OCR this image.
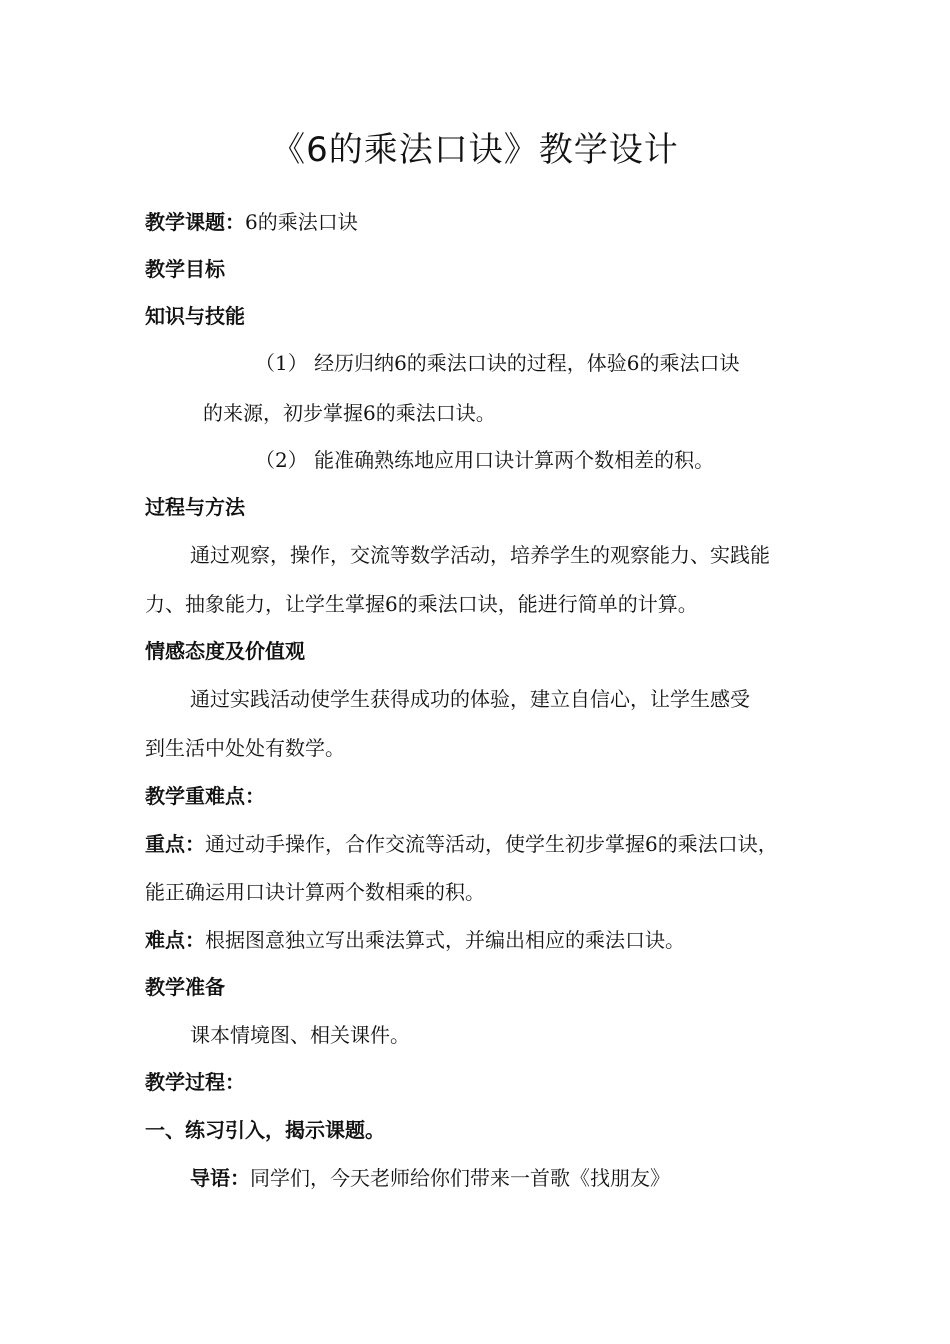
《6的乘法口诀》教学设计
教学课题：6的乘法口诀
教学目标
知识与技能
（1） 经历归纳6的乘法口诀的过程，体验6的乘法口诀
的来源，初步掌握6的乘法口诀。
（2） 能准确熟练地应用口诀计算两个数相差的积。
过程与方法
通过观察，操作，交流等数学活动，培养学生的观察能力、实践能
力、抽象能力，让学生掌握6的乘法口诀，能进行简单的计算。
情感态度及价值观
通过实践活动使学生获得成功的体验，建立自信心，让学生感受
到生活中处处有数学。
教学重难点：
重点：通过动手操作，合作交流等活动，使学生初步掌握6的乘法口诀，
能正确运用口诀计算两个数相乘的积。
难点：根据图意独立写出乘法算式，并编出相应的乘法口诀。
教学准备
课本情境图、相关课件。
教学过程：
一、练习引入，揭示课题。
导语：同学们，今天老师给你们带来一首歌《找朋友》
